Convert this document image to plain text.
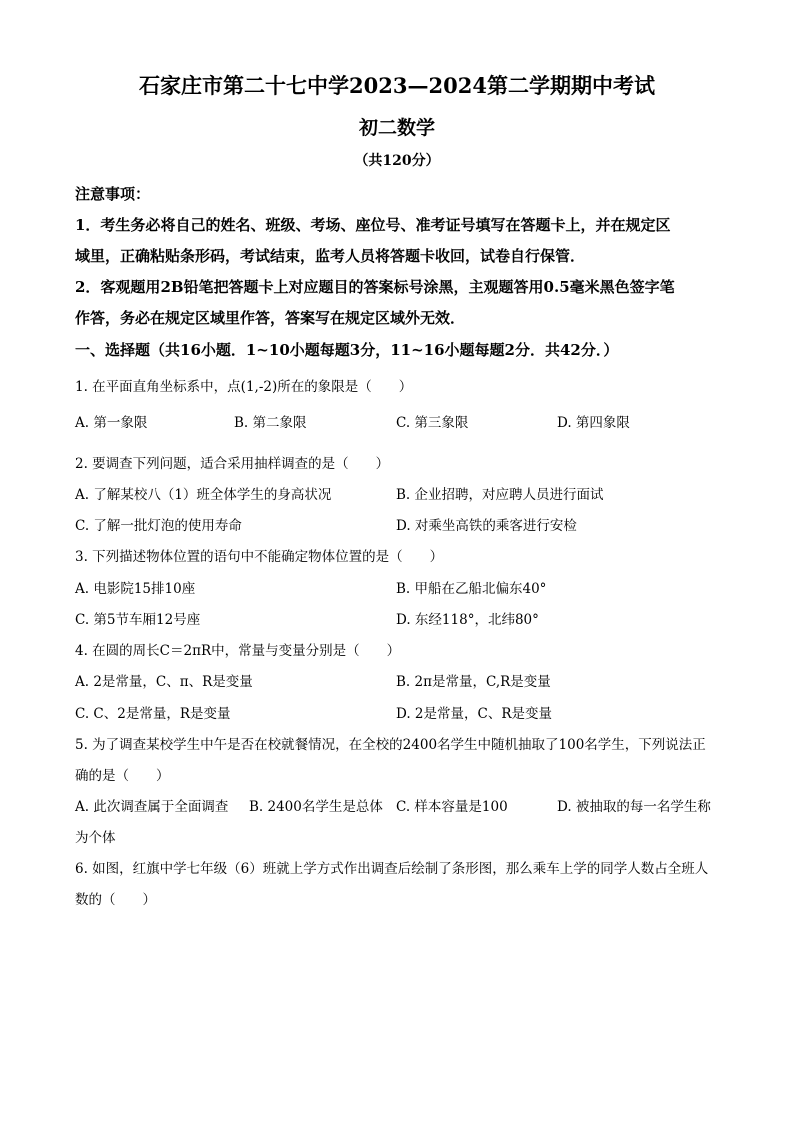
石家庄市第二十七中学2023—2024第二学期期中考试
初二数学
（共120分）
注意事项：
1．考生务必将自己的姓名、班级、考场、座位号、准考证号填写在答题卡上，并在规定区
域里，正确粘贴条形码，考试结束，监考人员将答题卡收回，试卷自行保管．
2．客观题用2B铅笔把答题卡上对应题目的答案标号涂黑，主观题答用0.5毫米黑色签字笔
作答，务必在规定区域里作答，答案写在规定区域外无效．
一、选择题（共16小题．1~10小题每题3分，11~16小题每题2分．共42分．）
1. 在平面直角坐标系中，点(1,-2)所在的象限是（　　）
A. 第一象限	B. 第二象限	C. 第三象限	D. 第四象限
2. 要调查下列问题，适合采用抽样调查的是（　　）
A. 了解某校八（1）班全体学生的身高状况	B. 企业招聘，对应聘人员进行面试
C. 了解一批灯泡的使用寿命	D. 对乘坐高铁的乘客进行安检
3. 下列描述物体位置的语句中不能确定物体位置的是（　　）
A. 电影院15排10座	B. 甲船在乙船北偏东40°
C. 第5节车厢12号座	D. 东经118°，北纬80°
4. 在圆的周长C＝2πR中，常量与变量分别是（　　）
A. 2是常量，C、π、R是变量	B. 2π是常量，C,R是变量
C. C、2是常量，R是变量	D. 2是常量，C、R是变量
5. 为了调查某校学生中午是否在校就餐情况，在全校的2400名学生中随机抽取了100名学生，下列说法正
确的是（　　）
A. 此次调查属于全面调查 B. 2400名学生是总体 C. 样本容量是100	D. 被抽取的每一名学生称
为个体
6. 如图，红旗中学七年级（6）班就上学方式作出调查后绘制了条形图，那么乘车上学的同学人数占全班人
数的（　　）
